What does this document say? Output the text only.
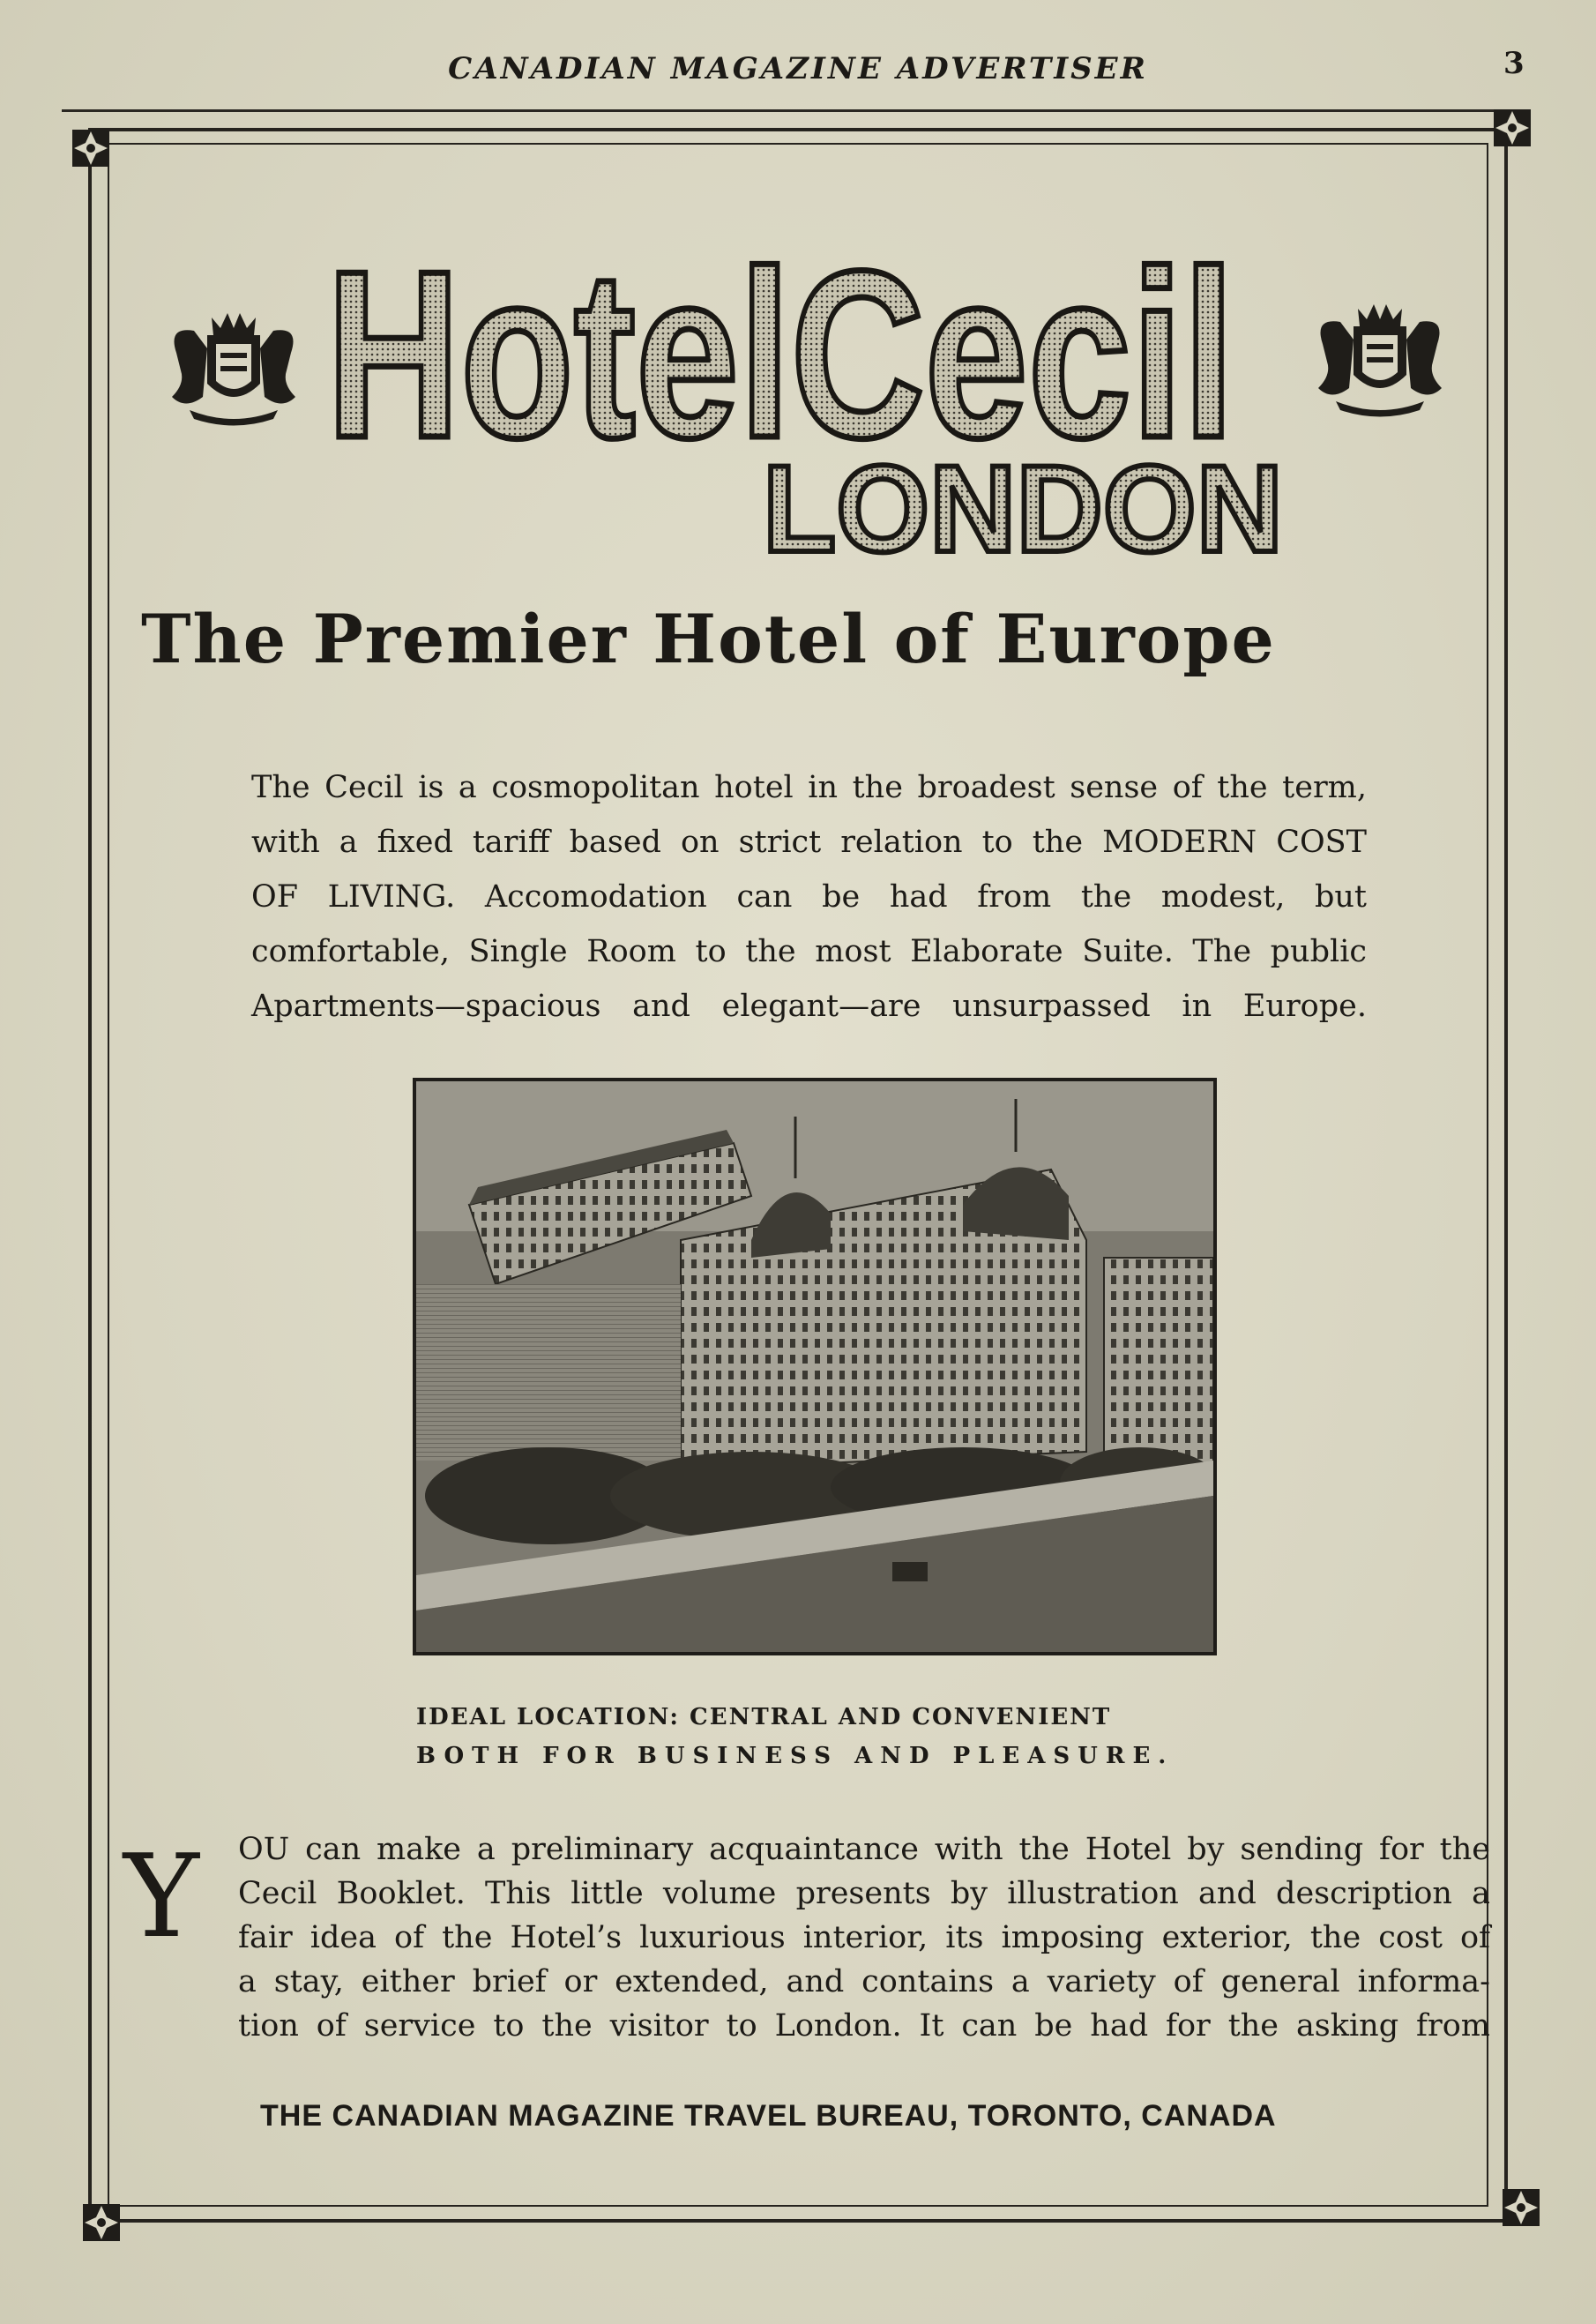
CANADIAN MAGAZINE ADVERTISER	3
HotelCecil
LONDON
The Premier Hotel of Europe
The Cecil is a cosmopolitan hotel in the broadest sense of the term,
with a fixed tariff based on strict relation to the MODERN COST
OF LIVING. Accomodation can be had from the modest, but
comfortable, Single Room to the most Elaborate Suite. The public
Apartments—spacious and elegant—are unsurpassed in Europe.
IDEAL LOCATION: CENTRAL AND CONVENIENT
BOTH FOR BUSINESS AND PLEASURE.
Y OU can make a preliminary acquaintance with the Hotel by sending for the
Cecil Booklet. This little volume presents by illustration and description a
fair idea of the Hotel’s luxurious interior, its imposing exterior, the cost of
a stay, either brief or extended, and contains a variety of general informa-
tion of service to the visitor to London. It can be had for the asking from
THE CANADIAN MAGAZINE TRAVEL BUREAU, TORONTO, CANADA
